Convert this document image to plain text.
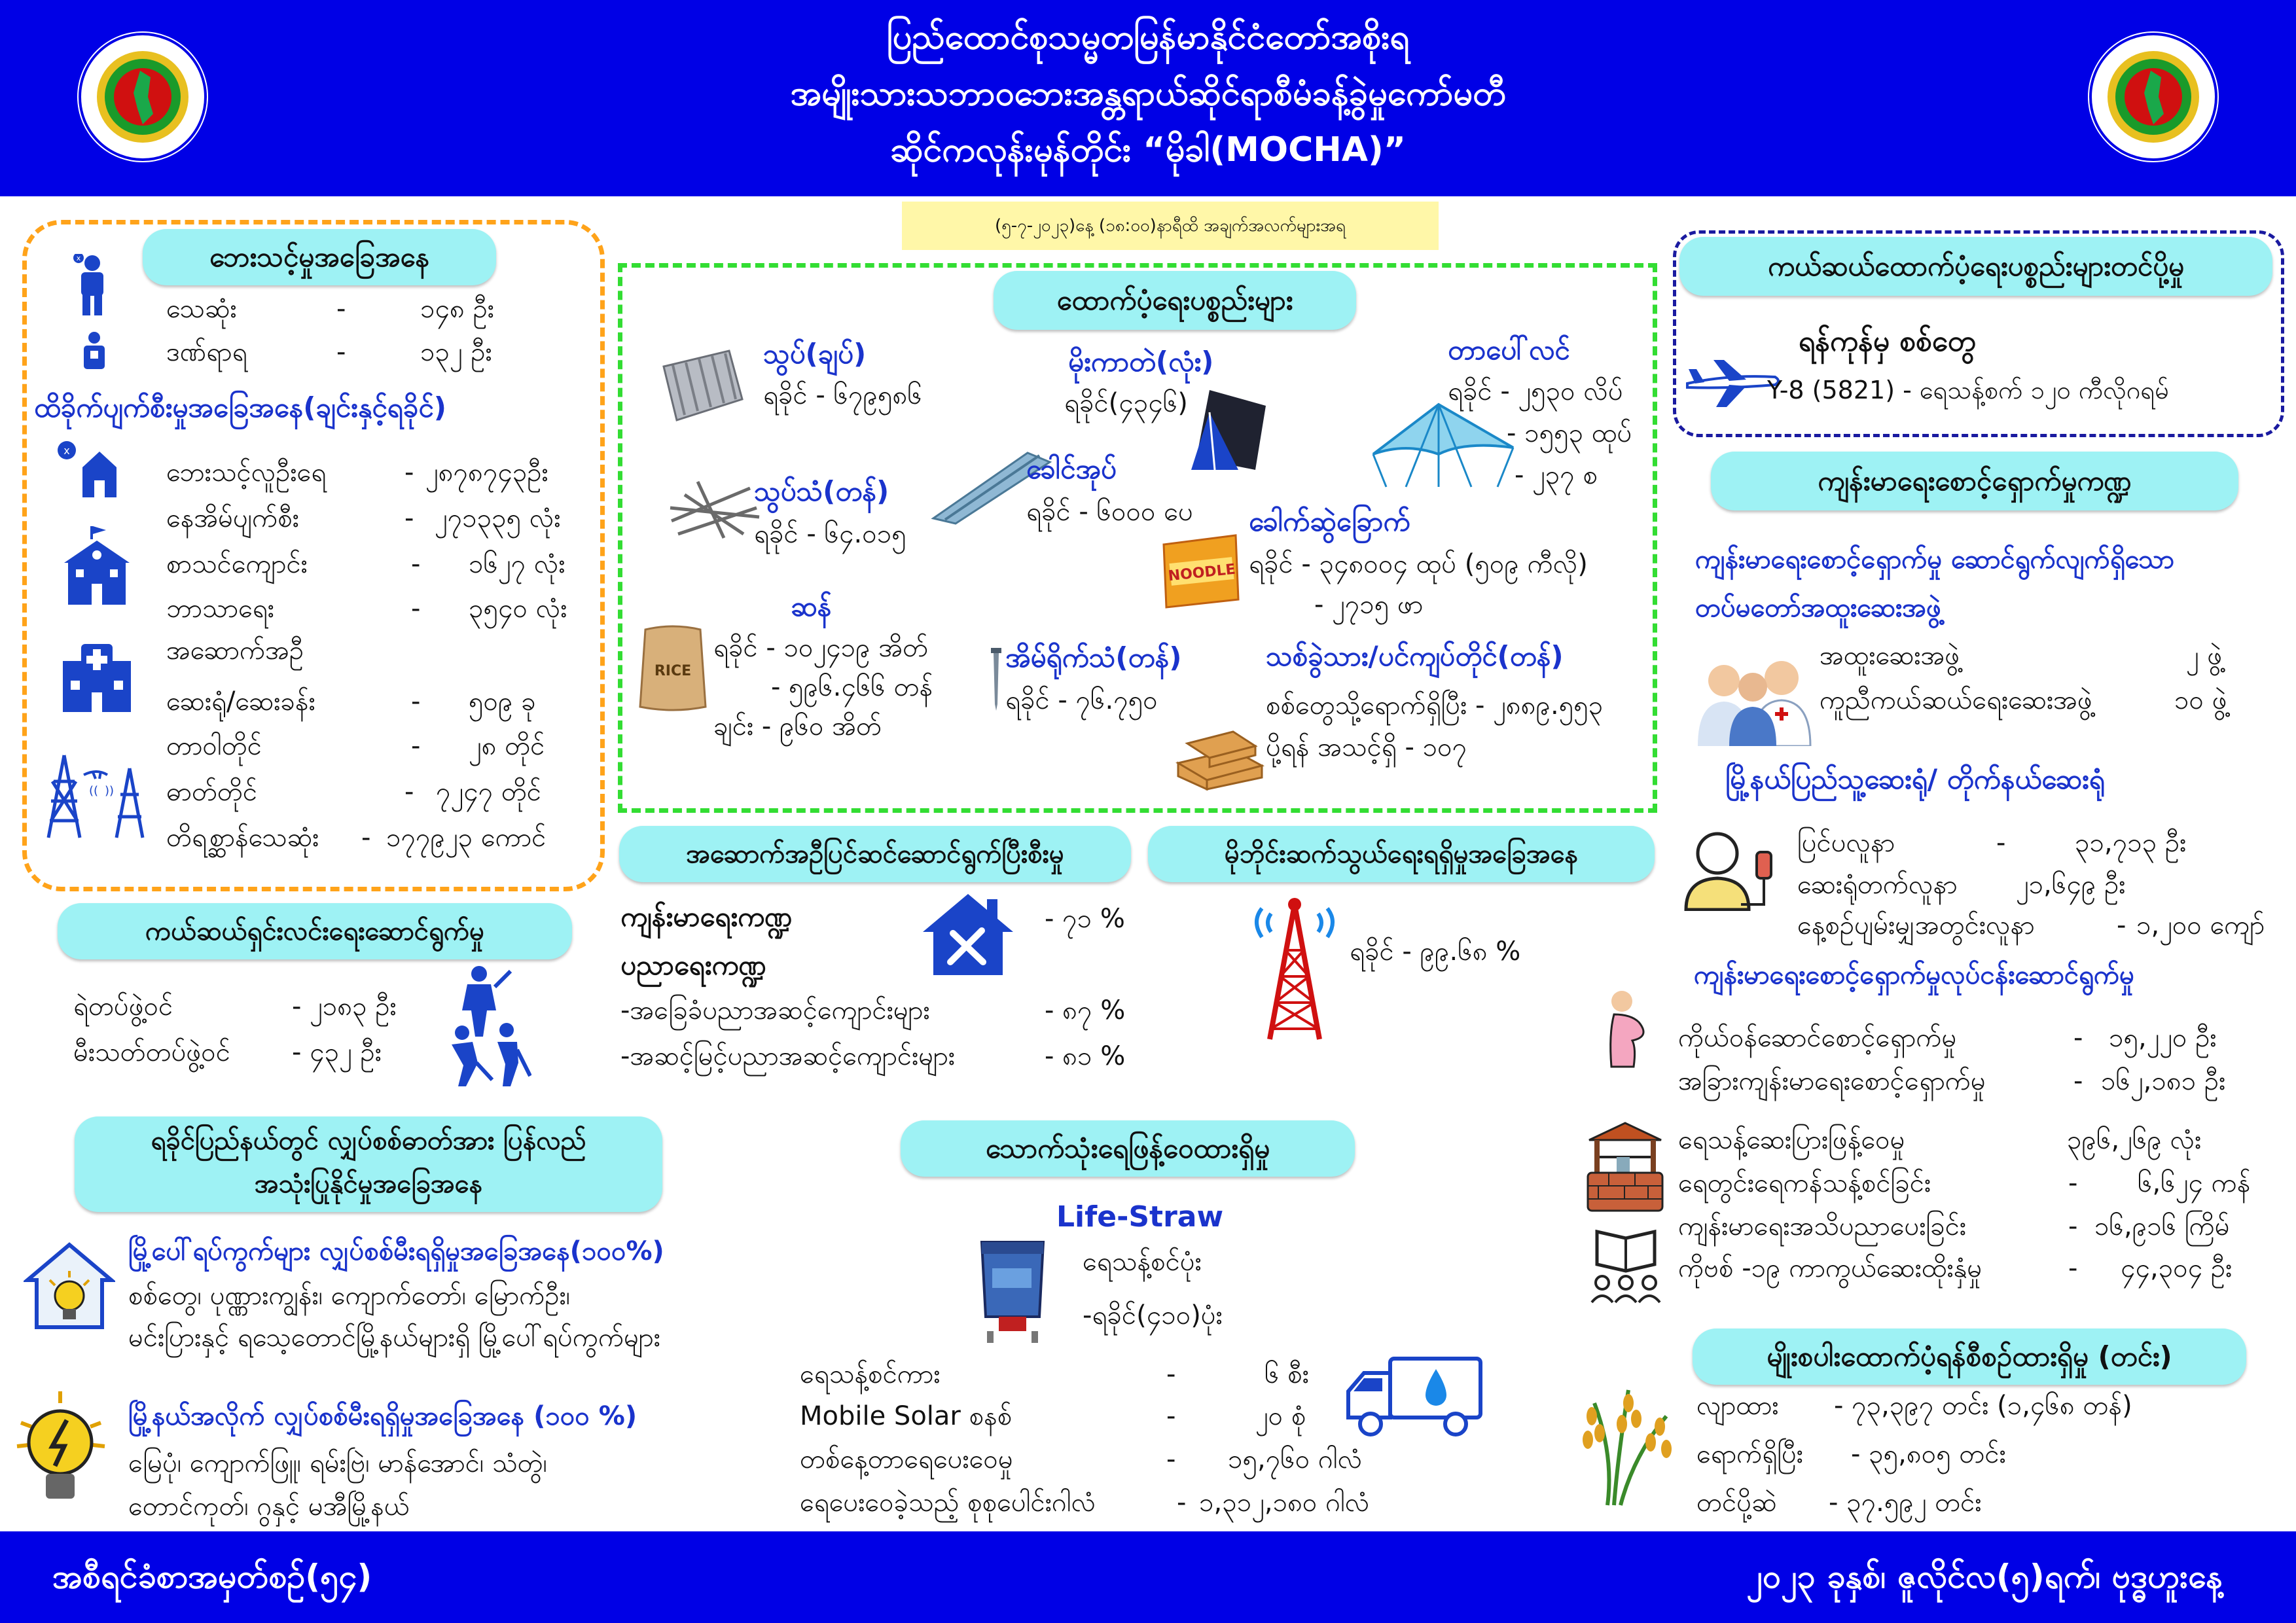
ပြည်ထောင်စုသမ္မတမြန်မာနိုင်ငံတော်အစိုးရ
အမျိုးသားသဘာဝဘေးအန္တရာယ်ဆိုင်ရာစီမံခန့်ခွဲမှုကော်မတီ
ဆိုင်ကလုန်းမုန်တိုင်း “မိုခါ(MOCHA)”
(၅-၇-၂၀၂၃)နေ့ (၁၈:၀၀)နာရီထိ အချက်အလက်များအရ
ဘေးသင့်မှုအခြေအနေ
x
သေဆုံး	-	၁၄၈ ဦး
ဒဏ်ရာရ	-	၁၃၂ ဦး
ထိခိုက်ပျက်စီးမှုအခြေအနေ(ချင်းနှင့်ရခိုင်)
x
(( ))
ဘေးသင့်လူဦးရေ	- ၂၈၇၈၇၄၃ဦး
နေအိမ်ပျက်စီး	- ၂၇၁၃၃၅ လုံး
စာသင်ကျောင်း	- ၁၆၂၇ လုံး
ဘာသာရေး	- ၃၅၄၀ လုံး
အဆောက်အဦ
ဆေးရုံ/ဆေးခန်း	- ၅၀၉ ခု
တာဝါတိုင်	- ၂၈ တိုင်
ဓာတ်တိုင်	- ၇၂၄၇ တိုင်
တိရစ္ဆာန်သေဆုံး - ၁၇၇၉၂၃ ကောင်
ထောက်ပံ့ရေးပစ္စည်းများ
သွပ်(ချပ်)
ရခိုင် - ၆၇၉၅၈၆
မိုးကာတဲ(လုံး)
ရခိုင်(၄၃၄၆)
တာပေါ်လင်
ရခိုင် - ၂၅၃၀ လိပ်
- ၁၅၅၃ ထုပ်
- ၂၃၇ စ
သွပ်သံ(တန်)
ရခိုင် - ၆၄.၀၁၅
ခေါင်အုပ်
ရခိုင် - ၆၀၀၀ ပေ ခေါက်ဆွဲခြောက်
ရခိုင် - ၃၄၈၀၀၄ ထုပ် (၅၀၉ ကီလို)
- ၂၇၁၅ ဖာ
NOODLE
RICE
ဆန်
ရခိုင် - ၁၀၂၄၁၉ အိတ်
- ၅၉၆.၄၆၆ တန်
ချင်း - ၉၆၀ အိတ်
အိမ်ရိုက်သံ(တန်)
ရခိုင် - ၇၆.၇၅၀
သစ်ခွဲသား/ပင်ကျပ်တိုင်(တန်)
စစ်တွေသို့ရောက်ရှိပြီး - ၂၈၈၉.၅၅၃
ပို့ရန် အသင့်ရှိ - ၁၀၇
ကယ်ဆယ်ထောက်ပံ့ရေးပစ္စည်းများတင်ပို့မှု
ရန်ကုန်မှ စစ်တွေ
Y-8 (5821) - ရေသန့်စက် ၁၂၀ ကီလိုဂရမ်
ကျန်းမာရေးစောင့်ရှောက်မှုကဏ္ဍ
ကျန်းမာရေးစောင့်ရှောက်မှု ဆောင်ရွက်လျက်ရှိသော တပ်မတော်အထူးဆေးအဖွဲ့
အထူးဆေးအဖွဲ့	၂ ဖွဲ့
ကူညီကယ်ဆယ်ရေးဆေးအဖွဲ့	၁၀ ဖွဲ့
မြို့နယ်ပြည်သူ့ဆေးရုံ/ တိုက်နယ်ဆေးရုံ
ပြင်ပလူနာ	-	၃၁,၇၁၃ ဦး
ဆေးရုံတက်လူနာ ၂၁,၆၄၉ ဦး
နေ့စဉ်ပျမ်းမျှအတွင်းလူနာ	- ၁,၂၀၀ ကျော်
ကျန်းမာရေးစောင့်ရှောက်မှုလုပ်ငန်းဆောင်ရွက်မှု
ကိုယ်ဝန်ဆောင်စောင့်ရှောက်မှု	- ၁၅,၂၂၀ ဦး
အခြားကျန်းမာရေးစောင့်ရှောက်မှု	- ၁၆၂,၁၈၁ ဦး
ရေသန့်ဆေးပြားဖြန့်ဝေမှု	၃၉၆,၂၆၉ လုံး
ရေတွင်းရေကန်သန့်စင်ခြင်း	- ၆,၆၂၄ ကန်
ကျန်းမာရေးအသိပညာပေးခြင်း	- ၁၆,၉၁၆ ကြိမ်
ကိုဗစ် -၁၉ ကာကွယ်ဆေးထိုးနှံမှု	- ၄၄,၃၀၄ ဦး
မျိုးစပါးထောက်ပံ့ရန်စီစဉ်ထားရှိမှု (တင်း)
လျာထား - ၇၃,၃၉၇ တင်း (၁,၄၆၈ တန်)
ရောက်ရှိပြီး - ၃၅,၈၀၅ တင်း
တင်ပို့ဆဲ - ၃၇.၅၉၂ တင်း
အဆောက်အဦပြင်ဆင်ဆောင်ရွက်ပြီးစီးမှု
ကျန်းမာရေးကဏ္ဍ	- ၇၁ %
ပညာရေးကဏ္ဍ
-အခြေခံပညာအဆင့်ကျောင်းများ	- ၈၇ %
-အဆင့်မြင့်ပညာအဆင့်ကျောင်းများ	- ၈၁ %
မိုဘိုင်းဆက်သွယ်ရေးရရှိမှုအခြေအနေ
ရခိုင် - ၉၉.၆၈ %
ကယ်ဆယ်ရှင်းလင်းရေးဆောင်ရွက်မှု
ရဲတပ်ဖွဲ့ဝင်	- ၂၁၈၃ ဦး
မီးသတ်တပ်ဖွဲ့ဝင် - ၄၃၂ ဦး
ရခိုင်ပြည်နယ်တွင် လျှပ်စစ်ဓာတ်အား ပြန်လည်
အသုံးပြုနိုင်မှုအခြေအနေ
မြို့ပေါ်ရပ်ကွက်များ လျှပ်စစ်မီးရရှိမှုအခြေအနေ(၁၀၀%)
စစ်တွေ၊ ပုဏ္ဏားကျွန်း၊ ကျောက်တော်၊ မြောက်ဦး၊
မင်းပြားနှင့် ရသေ့တောင်မြို့နယ်များရှိ မြို့ပေါ်ရပ်ကွက်များ
မြို့နယ်အလိုက် လျှပ်စစ်မီးရရှိမှုအခြေအနေ (၁၀၀ %)
မြေပုံ၊ ကျောက်ဖြူ၊ ရမ်းဗြဲ၊ မာန်အောင်၊ သံတွဲ၊
တောင်ကုတ်၊ ဂွနှင့် မအီမြို့နယ်
သောက်သုံးရေဖြန့်ဝေထားရှိမှု
Life-Straw
ရေသန့်စင်ပုံး
-ရခိုင်(၄၁၀)ပုံး
ရေသန့်စင်ကား	-	၆ စီး
Mobile Solar စနစ်	-	၂၀ စုံ
တစ်နေ့တာရေပေးဝေမှု	- ၁၅,၇၆၀ ဂါလံ
ရေပေးဝေခဲ့သည့် စုစုပေါင်းဂါလံ	- ၁,၃၁၂,၁၈၀ ဂါလံ
အစီရင်ခံစာအမှတ်စဉ်(၅၄)	၂၀၂၃ ခုနှစ်၊ ဇူလိုင်လ(၅)ရက်၊ ဗုဒ္ဓဟူးနေ့
